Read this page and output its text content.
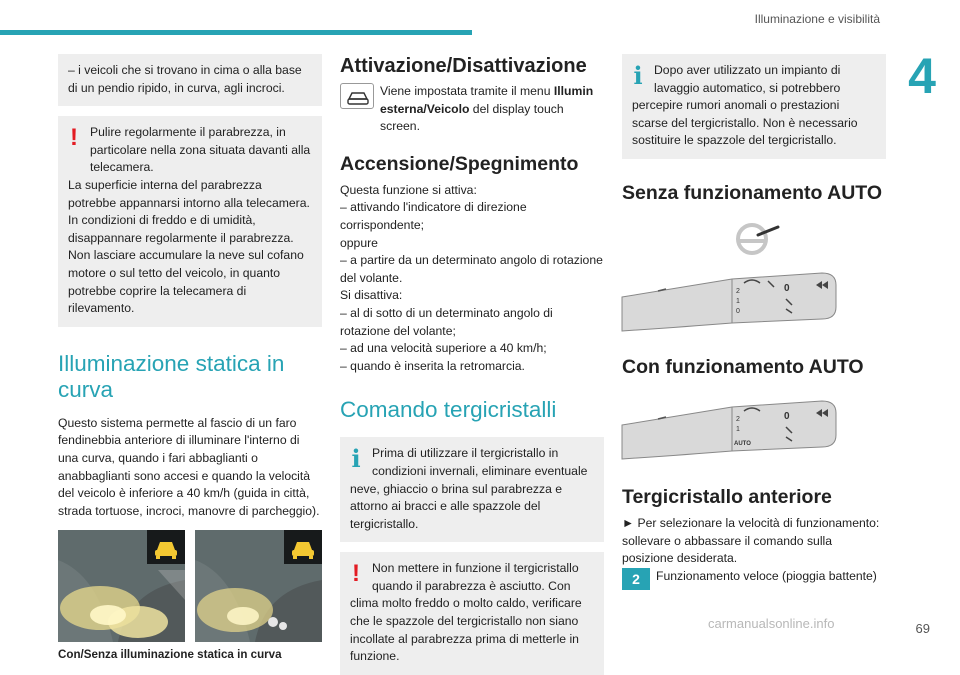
Illuminazione e visibilità
4

– i veicoli che si trovano in cima o alla base di un pendio ripido, in curva, agli incroci.

! Pulire regolarmente il parabrezza, in particolare nella zona situata davanti alla telecamera.

La superficie interna del parabrezza potrebbe appannarsi intorno alla telecamera. In condizioni di freddo e di umidità, disappannare regolarmente il parabrezza. Non lasciare accumulare la neve sul cofano motore o sul tetto del veicolo, in quanto potrebbe coprire la telecamera di rilevamento.

Illuminazione statica in curva

Questo sistema permette al fascio di un faro fendinebbia anteriore di illuminare l'interno di una curva, quando i fari abbaglianti o anabbaglianti sono accesi e quando la velocità del veicolo è inferiore a 40 km/h (guida in città, strada tortuose, incroci, manovre di parcheggio).

Con/Senza illuminazione statica in curva
Attivazione/Disattivazione

Viene impostata tramite il menu Illumin esterna/Veicolo del display touch screen.

Accensione/Spegnimento

Questa funzione si attiva:

– attivando l'indicatore di direzione corrispondente;

oppure

– a partire da un determinato angolo di rotazione del volante.

Si disattiva:

– al di sotto di un determinato angolo di rotazione del volante;

– ad una velocità superiore a 40 km/h;

– quando è inserita la retromarcia.

Comando tergicristalli
i Prima di utilizzare il tergicristallo in condizioni invernali, eliminare eventuale

neve, ghiaccio o brina sul parabrezza e attorno ai bracci e alle spazzole del tergicristallo.

! Non mettere in funzione il tergicristallo quando il parabrezza è asciutto. Con

clima molto freddo o molto caldo, verificare che le spazzole del tergicristallo non siano incollate al parabrezza prima di metterle in funzione.

i Dopo aver utilizzato un impianto di lavaggio automatico, si potrebbero

percepire rumori anomali o prestazioni scarse del tergicristallo. Non è necessario sostituire le spazzole del tergicristallo.

Senza funzionamento AUTO
2
1
0
0
Con funzionamento AUTO
2
1
AUTO
0
Tergicristallo anteriore

► Per selezionare la velocità di funzionamento: sollevare o abbassare il comando sulla posizione desiderata.

2	Funzionamento veloce (pioggia battente)
69
carmanualsonline.info
